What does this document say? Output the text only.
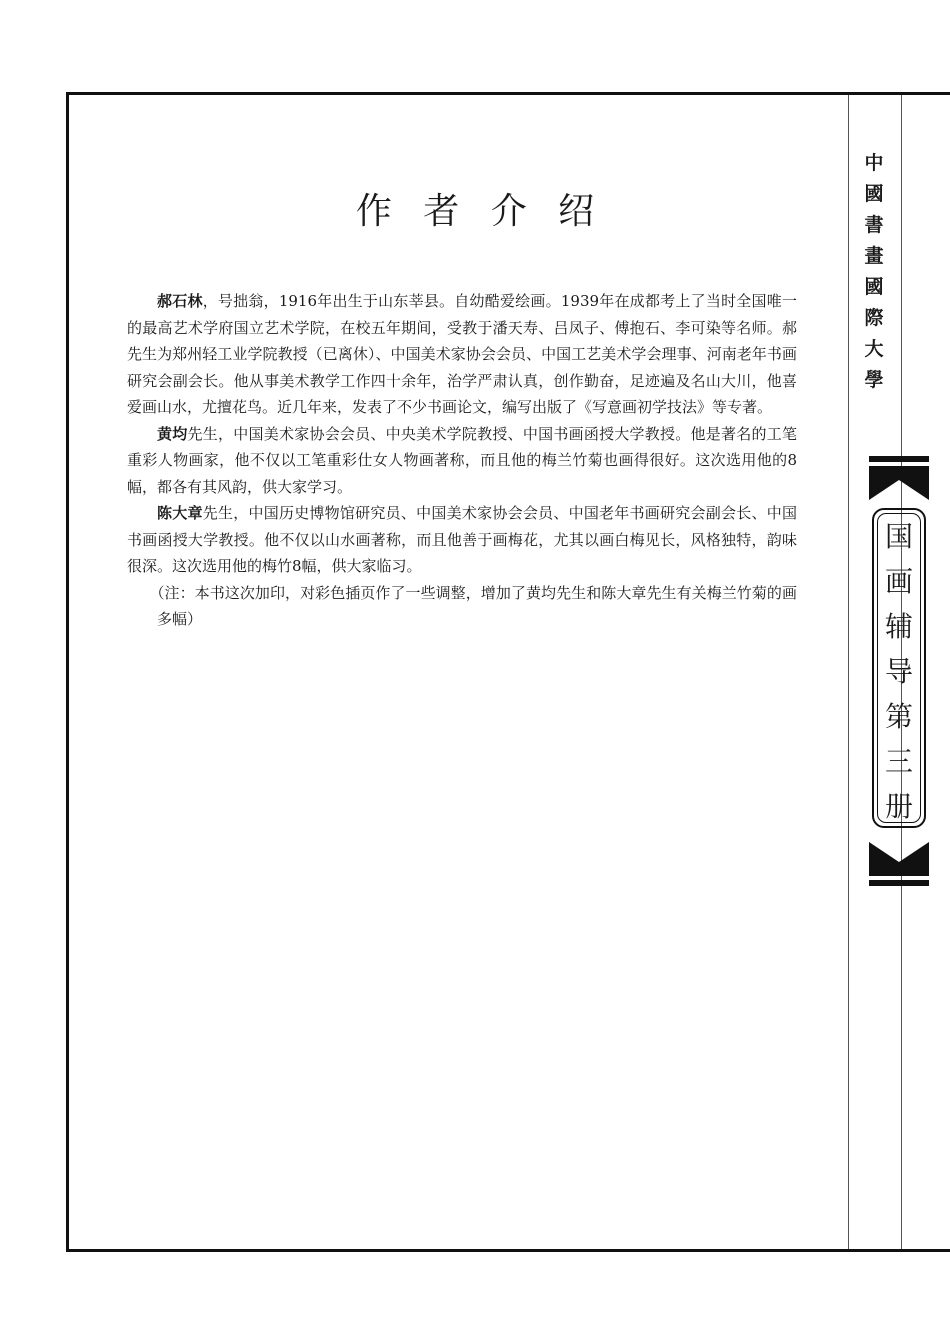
作 者 介 绍

郝石林，号拙翁，1916年出生于山东莘县。自幼酷爱绘画。1939年在成都考上了当时全国唯一的最高艺术学府国立艺术学院，在校五年期间，受教于潘天寿、吕凤子、傅抱石、李可染等名师。郝先生为郑州轻工业学院教授（已离休）、中国美术家协会会员、中国工艺美术学会理事、河南老年书画研究会副会长。他从事美术教学工作四十余年，治学严肃认真，创作勤奋，足迹遍及名山大川，他喜爱画山水，尤擅花鸟。近几年来，发表了不少书画论文，编写出版了《写意画初学技法》等专著。

黄均先生，中国美术家协会会员、中央美术学院教授、中国书画函授大学教授。他是著名的工笔重彩人物画家，他不仅以工笔重彩仕女人物画著称，而且他的梅兰竹菊也画得很好。这次选用他的8幅，都各有其风韵，供大家学习。

陈大章先生，中国历史博物馆研究员、中国美术家协会会员、中国老年书画研究会副会长、中国书画函授大学教授。他不仅以山水画著称，而且他善于画梅花，尤其以画白梅见长，风格独特，韵味很深。这次选用他的梅竹8幅，供大家临习。

（注：本书这次加印，对彩色插页作了一些调整，增加了黄均先生和陈大章先生有关梅兰竹菊的画多幅）

中
國
書
畫
國
際
大
學
国
画
辅
导
第
三
册
